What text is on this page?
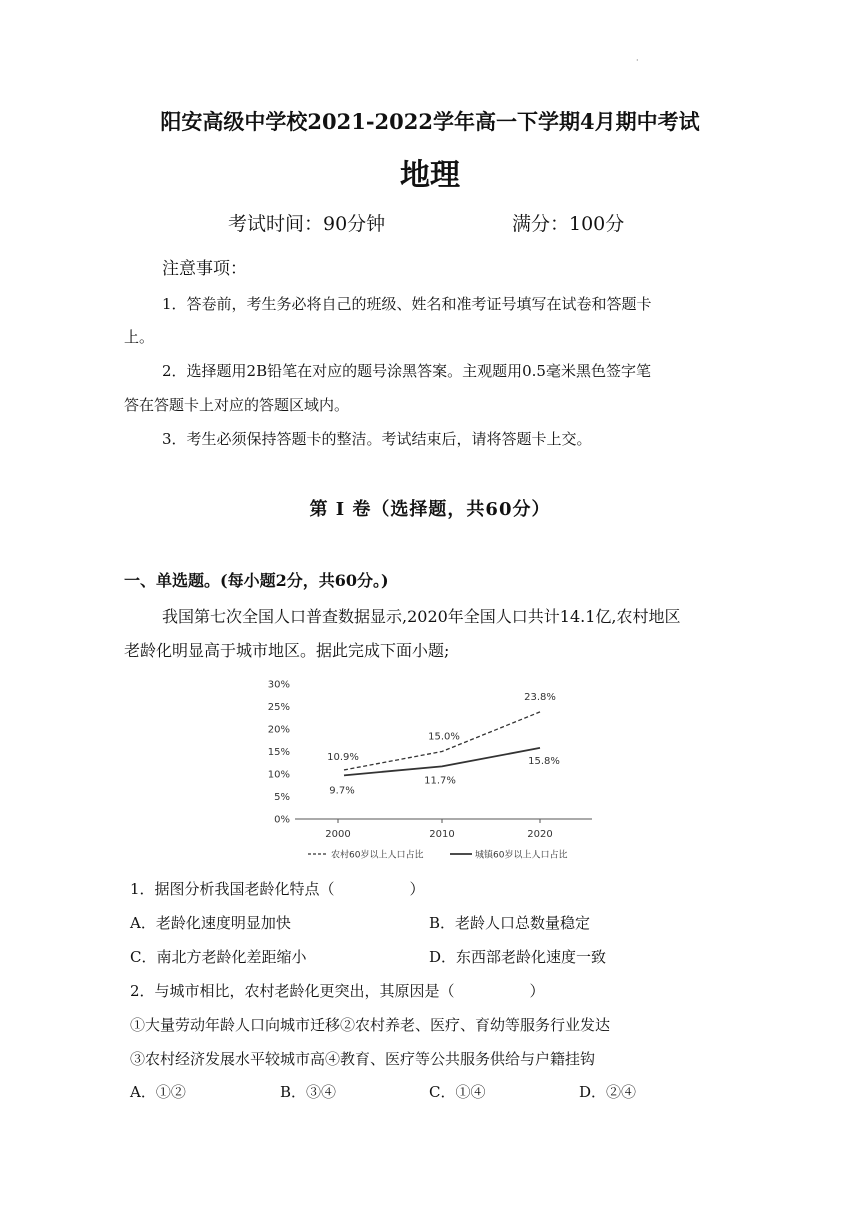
·
阳安高级中学校2021-2022学年高一下学期4月期中考试
地理
考试时间：90分钟	满分：100分
注意事项：
1．答卷前，考生务必将自己的班级、姓名和准考证号填写在试卷和答题卡
上。
2．选择题用2B铅笔在对应的题号涂黑答案。主观题用0.5毫米黑色签字笔
答在答题卡上对应的答题区域内。
3．考生必须保持答题卡的整洁。考试结束后，请将答题卡上交。
第 Ⅰ 卷（选择题，共60分）
一、单选题。(每小题2分，共60分。)
我国第七次全国人口普查数据显示,2020年全国人口共计14.1亿,农村地区
老龄化明显高于城市地区。据此完成下面小题;
0%
5%
10%
15%
20%
25%
30%
2000	2010	2020
10.9%
15.0%
23.8%
9.7%
11.7%
15.8%
农村60岁以上人口占比	城镇60岁以上人口占比
1．据图分析我国老龄化特点（　　　　　）
A．老龄化速度明显加快	B．老龄人口总数量稳定
C．南北方老龄化差距缩小	D．东西部老龄化速度一致
2．与城市相比，农村老龄化更突出，其原因是（　　　　　）
①大量劳动年龄人口向城市迁移②农村养老、医疗、育幼等服务行业发达
③农村经济发展水平较城市高④教育、医疗等公共服务供给与户籍挂钩
A．①②	B．③④	C．①④	D．②④
